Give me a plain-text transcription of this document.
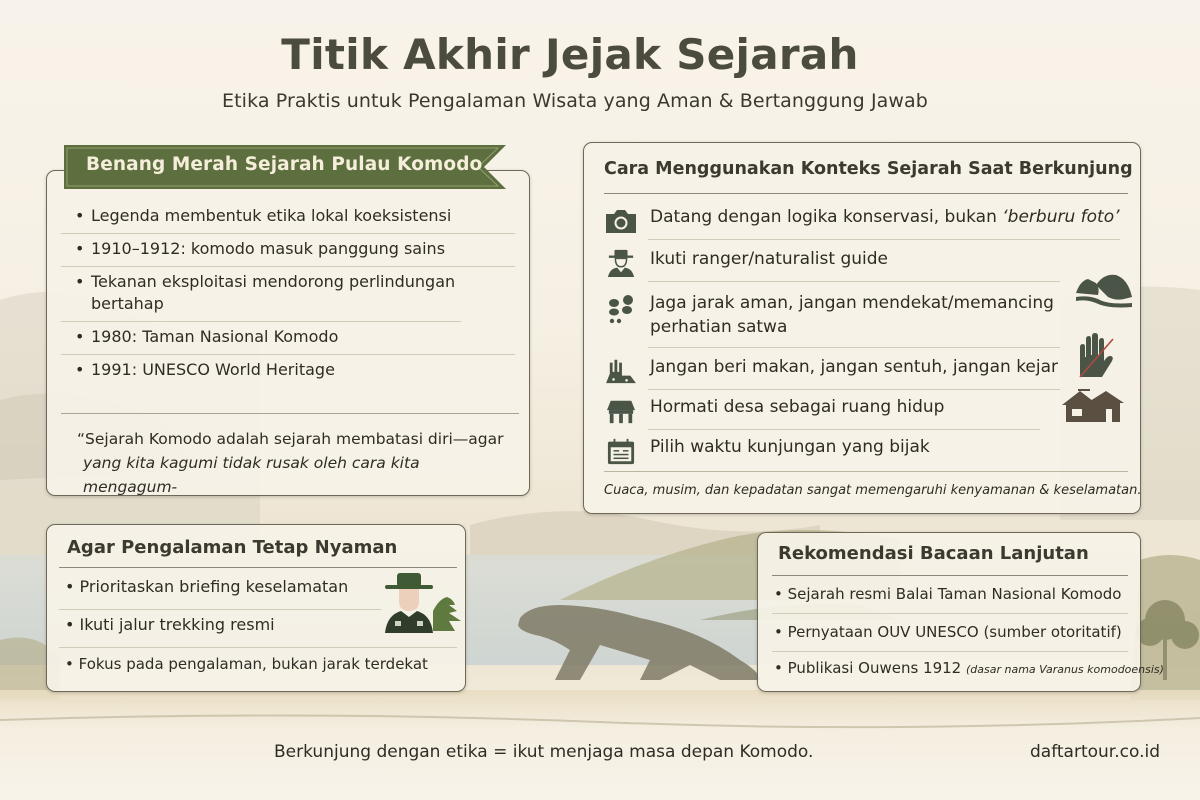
Titik Akhir Jejak Sejarah
Etika Praktis untuk Pengalaman Wisata yang Aman & Bertanggung Jawab
• Legenda membentuk etika lokal koeksistensi
• 1910–1912: komodo masuk panggung sains
• Tekanan eksploitasi mendorong perlindungan bertahap
• 1980: Taman Nasional Komodo
• 1991: UNESCO World Heritage
“Sejarah Komodo adalah sejarah membatasi diri—agar
yang kita kagumi tidak rusak oleh cara kita mengagum-
Benang Merah Sejarah Pulau Komodo	Cara Menggunakan Konteks Sejarah Saat Berkunjung
Datang dengan logika konservasi, bukan ‘berburu foto’
Ikuti ranger/naturalist guide
Jaga jarak aman, jangan mendekat/memancing
perhatian satwa
Jangan beri makan, jangan sentuh, jangan kejar
Hormati desa sebagai ruang hidup
Pilih waktu kunjungan yang bijak
Cuaca, musim, dan kepadatan sangat memengaruhi kenyamanan & keselamatan.
Agar Pengalaman Tetap Nyaman
• Prioritaskan briefing keselamatan
• Ikuti jalur trekking resmi
• Fokus pada pengalaman, bukan jarak terdekat
Rekomendasi Bacaan Lanjutan
• Sejarah resmi Balai Taman Nasional Komodo
• Pernyataan OUV UNESCO (sumber otoritatif)
• Publikasi Ouwens 1912 (dasar nama Varanus komodoensis)
Berkunjung dengan etika = ikut menjaga masa depan Komodo.	daftartour.co.id
